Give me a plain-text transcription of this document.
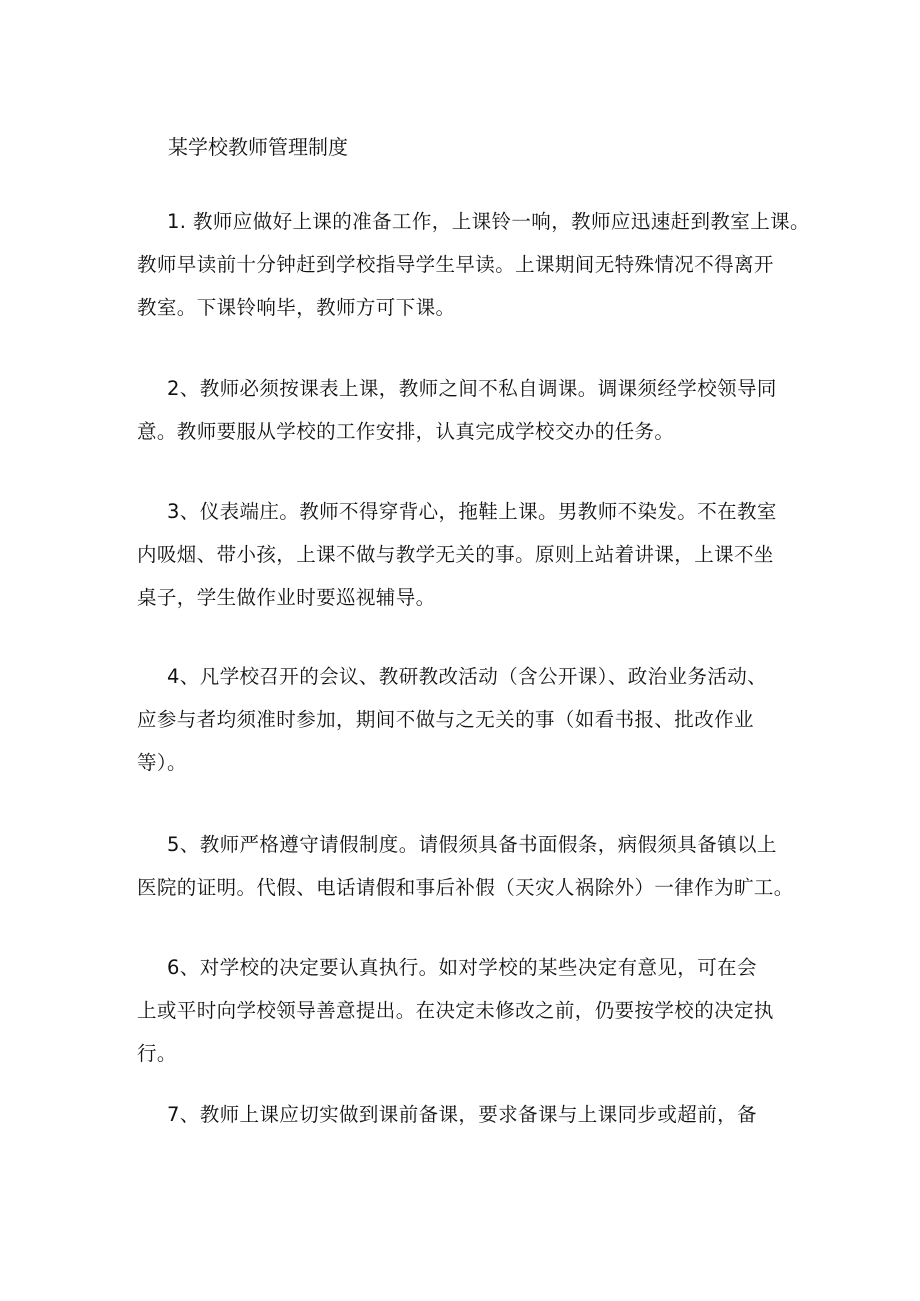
某学校教师管理制度

1. 教师应做好上课的准备工作，上课铃一响，教师应迅速赶到教室上课。
教师早读前十分钟赶到学校指导学生早读。上课期间无特殊情况不得离开
教室。下课铃响毕，教师方可下课。

2、教师必须按课表上课，教师之间不私自调课。调课须经学校领导同
意。教师要服从学校的工作安排，认真完成学校交办的任务。

3、仪表端庄。教师不得穿背心，拖鞋上课。男教师不染发。不在教室
内吸烟、带小孩，上课不做与教学无关的事。原则上站着讲课，上课不坐
桌子，学生做作业时要巡视辅导。

4、凡学校召开的会议、教研教改活动（含公开课）、政治业务活动、
应参与者均须准时参加，期间不做与之无关的事（如看书报、批改作业
等）。

5、教师严格遵守请假制度。请假须具备书面假条，病假须具备镇以上
医院的证明。代假、电话请假和事后补假（天灾人祸除外）一律作为旷工。

6、对学校的决定要认真执行。如对学校的某些决定有意见，可在会
上或平时向学校领导善意提出。在决定未修改之前，仍要按学校的决定执
行。

7、教师上课应切实做到课前备课，要求备课与上课同步或超前，备
